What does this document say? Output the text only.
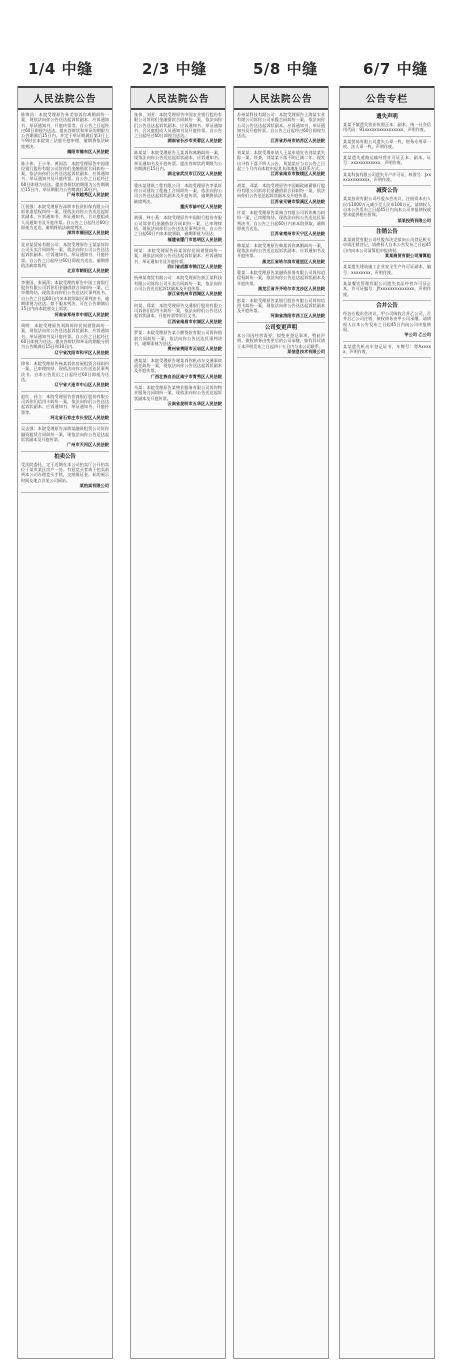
1/4 中缝	2/3 中缝	5/8 中缝	6/7 中缝
人民法院公告

陈锦昌：本院受理原告孙美容诉你离婚纠纷一案，现依法向你公告送达起诉状副本、应诉通知书、举证通知书、开庭传票等。自公告之日起经过60日即视为送达。提出答辩状和举证的期限为公告期满后15日内。并定于举证期满后第3日上午9时在本院第三法庭开庭审理，逾期将依法缺席判决。

揭阳市揭东区人民法院

陈小伟、王小华、黄国浩：本院受理原告中国建设银行股份有限公司诉你们金融借款合同纠纷一案，依法向你们公告送达起诉状副本、应诉通知书、举证通知书及开庭传票。自公告之日起经过60日即视为送达。提出答辩状的期限为公告期满后15日内，举证期限为公告期满后30日内。

广州市越秀区人民法院

江恒强：本院受理原告深圳市投资担保有限公司诉你追偿权纠纷一案，现依法向你公告送达起诉状副本、应诉通知书、举证通知书、合议庭组成人员通知书及开庭传票。自公告之日起经过60日即视为送达。逾期将依法缺席判决。

深圳市福田区人民法院

北京某贸易有限公司：本院受理原告王某某诉你公司买卖合同纠纷一案，依法向你公司公告送达起诉状副本、应诉通知书、举证通知书、开庭传票。自公告之日起经过60日即视为送达，逾期将依法缺席裁判。

北京市朝阳区人民法院

李建国、张丽萍：本院受理的原告中国工商银行股份有限公司诉你们金融借款合同纠纷一案，已审理终结。现依法向你们公告送达民事判决书。自公告之日起60日内来本院领取民事判决书，逾期即视为送达。如不服本判决，可在公告期满后15日内向本院递交上诉状。

河南省郑州市中原区人民法院

周明：本院受理原告刘海诉你民间借贷纠纷一案，现依法向你公告送达起诉状副本、应诉通知书、举证通知书及开庭传票。自公告之日起经过60日即视为送达。提出答辩状和举证的期限分别为公告期满后15日和30日内。

辽宁省沈阳市和平区人民法院

徐伟：本院受理原告杨某诉你房屋租赁合同纠纷一案，已审理终结。现依法向你公告送达民事判决书。自本公告发出之日起经过60日即视为送达。

辽宁省大连市中山区人民法院

赵红、孙立：本院受理原告招商银行股份有限公司诉你们信用卡纠纷一案，依法向你们公告送达起诉状副本、应诉通知书、举证通知书、开庭传票等。

河北省石家庄市长安区人民法院

吴志强：本院受理原告深圳某融资租赁公司诉你融资租赁合同纠纷一案，现依法向你公告送达起诉状副本及开庭传票。

广州市天河区人民法院
拍卖公告

受法院委托，定于近期在本公司拍卖厅公开拍卖位于某市某区房产一处。有意竞买者请于拍卖前到本公司办理竞买手续，交纳保证金。标的展示时间及地点详见公司网站。

某拍卖有限公司
人民法院公告

张伟、刘芳：本院受理原告中国农业银行股份有限公司诉你们金融借款合同纠纷一案，依法向你们公告送达起诉状副本、应诉通知书、举证通知书、合议庭组成人员通知书及开庭传票。自公告之日起经过60日即视为送达。

湖南省长沙市芙蓉区人民法院

陈某某：本院受理原告王某诉你离婚纠纷一案，现依法向你公告送达起诉状副本、应诉通知书、举证通知书及开庭传票。提出答辩状的期限为公告期满后15日内。

湖北省武汉市江汉区人民法院

重庆某建筑工程有限公司：本院受理原告李某诉你公司建设工程施工合同纠纷一案，依法向你公司公告送达起诉状副本及开庭传票，逾期将依法缺席判决。

重庆市渝中区人民法院

黄强、林小燕：本院受理原告中国银行股份有限公司诉你们金融借款合同纠纷一案，已审理终结。现依法向你们公告送达民事判决书，自公告之日起60日内来本院领取，逾期即视为送达。

福建省厦门市思明区人民法院

周某：本院受理原告孙某诉你民间借贷纠纷一案，现依法向你公告送达起诉状副本、应诉通知书、举证通知书及开庭传票。

四川省成都市锦江区人民法院

杭州某商贸有限公司：本院受理原告浙江某科技有限公司诉你公司买卖合同纠纷一案，依法向你公司公告送达起诉状副本及开庭传票。

浙江省杭州市西湖区人民法院

何某、郑某：本院受理原告交通银行股份有限公司诉你们信用卡纠纷一案，依法向你们公告送达起诉状副本、开庭传票等诉讼文书。

江西省南昌市东湖区人民法院

罗某：本院受理原告某小额贷款有限公司诉你借款合同纠纷一案，依法向你公告送达民事判决书，逾期即视为送达。

贵州省贵阳市云岩区人民法院

唐某某：本院受理原告谢某诉你机动车交通事故责任纠纷一案，现依法向你公告送达起诉状副本及开庭传票。

广西壮族自治区南宁市青秀区人民法院

马某：本院受理原告某物业服务有限公司诉你物业服务合同纠纷一案，现依法向你公告送达起诉状副本及开庭传票。

云南省昆明市五华区人民法院
人民法院公告

苏州某科技有限公司：本院受理原告上海某实业有限公司诉你公司承揽合同纠纷一案，依法向你公司公告送达起诉状副本、应诉通知书、举证通知书及开庭传票。自公告之日起经过60日即视为送达。

江苏省苏州市姑苏区人民法院

刘某某：本院受理申请人王某申请宣告刘某某失踪一案，经查，刘某某下落不明已满二年。现发出寻找下落不明人公告，刘某某应当自公告之日起三个月内向本院申报其具体地址及联系方式。

江苏省南京市鼓楼区人民法院

胡某、邓某：本院受理原告中国邮政储蓄银行股份有限公司诉你们金融借款合同纠纷一案，依法向你们公告送达起诉状副本及开庭传票。

江苏省无锡市梁溪区人民法院

许某：本院受理原告某典当有限公司诉你典当纠纷一案，已审理终结。现依法向你公告送达民事判决书，自公告之日起60日内来本院领取，逾期即视为送达。

江苏省常州市天宁区人民法院

韩某某：本院受理原告韩某诉你离婚纠纷一案，现依法向你公告送达起诉状副本、应诉通知书及开庭传票。

黑龙江省哈尔滨市道里区人民法院

曹某：本院受理原告某融资担保有限公司诉你追偿权纠纷一案，依法向你公告送达起诉状副本及开庭传票。

黑龙江省齐齐哈尔市龙沙区人民法院

彭某：本院受理原告某银行股份有限公司诉你信用卡纠纷一案，现依法向你公告送达起诉状副本及开庭传票。

河南省洛阳市西工区人民法院
公司变更声明

本公司因经营需要，拟变更登记事项，特此声明。债权债务由变更后的公司承继，如有异议请于本声明发布之日起四十五日内与本公司联系。

某信息技术有限公司
公告专栏
遗失声明

某某不慎遗失营业执照正本、副本，统一社会信用代码：91xxxxxxxxxxxxxxxx，声明作废。

某某贸易有限公司遗失公章一枚、财务专用章一枚、法人章一枚，声明作废。

某某遗失道路运输经营许可证正本、副本，证号：xxxxxxxxxxxx，声明作废。

某某科技有限公司遗失开户许可证，核准号：Jxxxxxxxxxxxxx，声明作废。

减资公告

某某投资有限公司经股东会决议，注册资本由人民币1000万元减少至人民币100万元。请债权人自本公告发布之日起45日内向本公司申报债权或要求提供相应担保。

某某投资有限公司
注销公告

某某商贸有限公司经股东决定拟向公司登记机关申请注销登记，请债权人自本公告发布之日起45日内向本公司清算组申报债权。

某某商贸有限公司清算组

某某遗失建筑施工企业安全生产许可证副本，编号：xxxxxxxx，声明作废。

某某餐饮管理有限公司遗失食品经营许可证正本，许可证编号：JYxxxxxxxxxxxxxx，声明作废。

合并公告

经各方股东会决议，甲公司吸收合并乙公司，合并后乙公司注销，债权债务由甲公司承继。请债权人自本公告发布之日起45日内向公司申报债权。

甲公司 乙公司

某某遗失机动车登记证书，车牌号：粤Axxxxx，声明作废。
